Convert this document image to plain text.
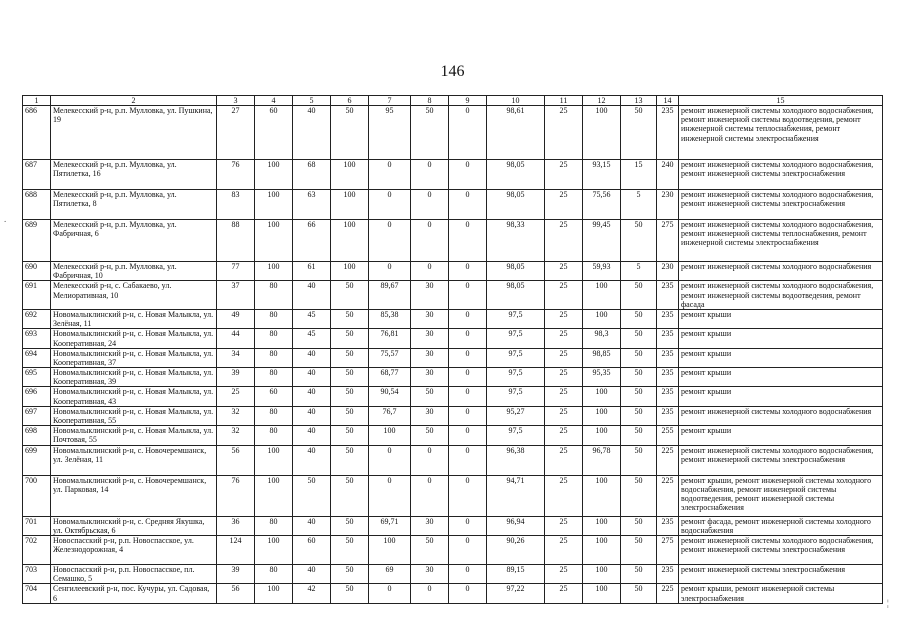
146
1	2	3	4	5	6	7	8	9	10	11	12	13	14	15
686	Мелекесский р-н, р.п. Мулловка, ул. Пушкина, 19	27	60	40	50	95	50	0	98,61	25	100	50	235	ремонт инженерной системы холодного водоснабжения, ремонт инженерной системы водоотведения, ремонт инженерной системы теплоснабжения, ремонт инженерной системы электроснабжения
687	Мелекесский р-н, р.п. Мулловка, ул. Пятилетка, 16	76	100	68	100	0	0	0	98,05	25	93,15	15	240	ремонт инженерной системы холодного водоснабжения, ремонт инженерной системы электроснабжения
688	Мелекесский р-н, р.п. Мулловка, ул. Пятилетка, 8	83	100	63	100	0	0	0	98,05	25	75,56	5	230	ремонт инженерной системы холодного водоснабжения, ремонт инженерной системы электроснабжения
689	Мелекесский р-н, р.п. Мулловка, ул. Фабричная, 6	88	100	66	100	0	0	0	98,33	25	99,45	50	275	ремонт инженерной системы холодного водоснабжения, ремонт инженерной системы теплоснабжения, ремонт инженерной системы электроснабжения
690	Мелекесский р-н, р.п. Мулловка, ул. Фабричная, 10	77	100	61	100	0	0	0	98,05	25	59,93	5	230	ремонт инженерной системы холодного водоснабжения
691	Мелекесский р-н, с. Сабакаево, ул. Мелиоративная, 10	37	80	40	50	89,67	30	0	98,05	25	100	50	235	ремонт инженерной системы холодного водоснабжения, ремонт инженерной системы водоотведения, ремонт фасада
692	Новомалыклинский р-н, с. Новая Малыкла, ул. Зелёная, 11	49	80	45	50	85,38	30	0	97,5	25	100	50	235	ремонт крыши
693	Новомалыклинский р-н, с. Новая Малыкла, ул. Кооперативная, 24	44	80	45	50	76,81	30	0	97,5	25	98,3	50	235	ремонт крыши
694	Новомалыклинский р-н, с. Новая Малыкла, ул. Кооперативная, 37	34	80	40	50	75,57	30	0	97,5	25	98,85	50	235	ремонт крыши
695	Новомалыклинский р-н, с. Новая Малыкла, ул. Кооперативная, 39	39	80	40	50	68,77	30	0	97,5	25	95,35	50	235	ремонт крыши
696	Новомалыклинский р-н, с. Новая Малыкла, ул. Кооперативная, 43	25	60	40	50	90,54	50	0	97,5	25	100	50	235	ремонт крыши
697	Новомалыклинский р-н, с. Новая Малыкла, ул. Кооперативная, 55	32	80	40	50	76,7	30	0	95,27	25	100	50	235	ремонт инженерной системы холодного водоснабжения
698	Новомалыклинский р-н, с. Новая Малыкла, ул. Почтовая, 55	32	80	40	50	100	50	0	97,5	25	100	50	255	ремонт крыши
699	Новомалыклинский р-н, с. Новочеремшанск, ул. Зелёная, 11	56	100	40	50	0	0	0	96,38	25	96,78	50	225	ремонт инженерной системы холодного водоснабжения, ремонт инженерной системы электроснабжения
700	Новомалыклинский р-н, с. Новочеремшанск, ул. Парковая, 14	76	100	50	50	0	0	0	94,71	25	100	50	225	ремонт крыши, ремонт инженерной системы холодного водоснабжения, ремонт инженерной системы водоотведения, ремонт инженерной системы электроснабжения
701	Новомалыклинский р-н, с. Средняя Якушка, ул. Октябрьская, 6	36	80	40	50	69,71	30	0	96,94	25	100	50	235	ремонт фасада, ремонт инженерной системы холодного водоснабжения
702	Новоспасский р-н, р.п. Новоспасское, ул. Железнодорожная, 4	124	100	60	50	100	50	0	90,26	25	100	50	275	ремонт инженерной системы холодного водоснабжения, ремонт инженерной системы электроснабжения
703	Новоспасский р-н, р.п. Новоспасское, пл. Семашко, 5	39	80	40	50	69	30	0	89,15	25	100	50	235	ремонт инженерной системы электроснабжения
704	Сенгилеевский р-н, пос. Кучуры, ул. Садовая, 6	56	100	42	50	0	0	0	97,22	25	100	50	225	ремонт крыши, ремонт инженерной системы электроснабжения
.
¦
